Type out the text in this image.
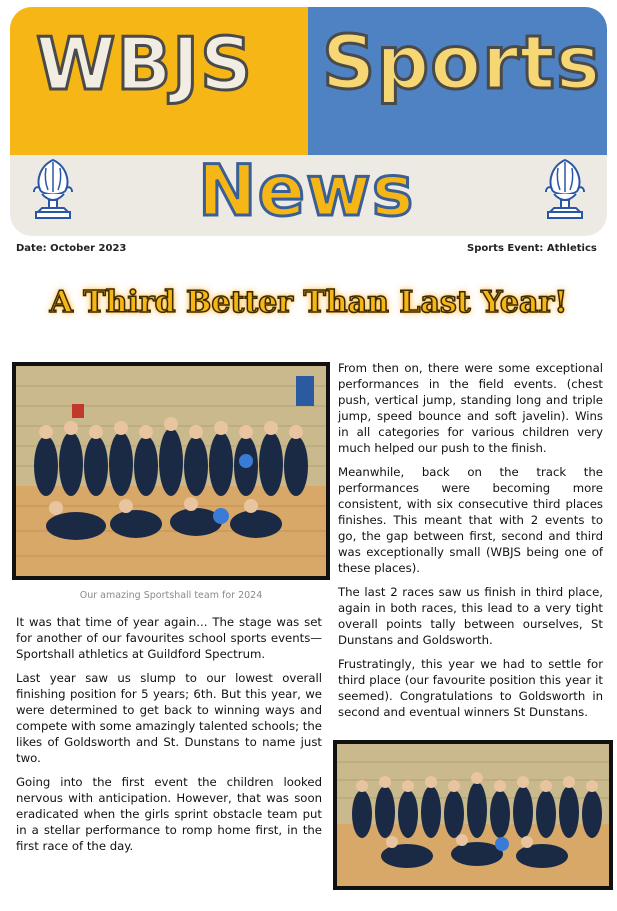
WBJS Sports
News
Date: October 2023	Sports Event: Athletics
A Third Better Than Last Year!
Our amazing Sportshall team for 2024

It was that time of year again... The stage was set for another of our favourites school sports events— Sportshall athletics at Guildford Spectrum.

Last year saw us slump to our lowest overall finishing position for 5 years; 6th. But this year, we were determined to get back to winning ways and compete with some amazingly talented schools; the likes of Goldsworth and St. Dunstans to name just two.

Going into the first event the children looked nervous with anticipation. However, that was soon eradicated when the girls sprint obstacle team put in a stellar performance to romp home first, in the first race of the day.

From then on, there were some exceptional performances in the field events. (chest push, vertical jump, standing long and triple jump, speed bounce and soft javelin). Wins in all categories for various children very much helped our push to the finish.

Meanwhile, back on the track the performances were becoming more consistent, with six consecutive third places finishes. This meant that with 2 events to go, the gap between first, second and third was exceptionally small (WBJS being one of these places).

The last 2 races saw us finish in third place, again in both races, this lead to a very tight overall points tally between ourselves, St Dunstans and Goldsworth.

Frustratingly, this year we had to settle for third place (our favourite position this year it seemed). Congratulations to Goldsworth in second and eventual winners St Dunstans.
